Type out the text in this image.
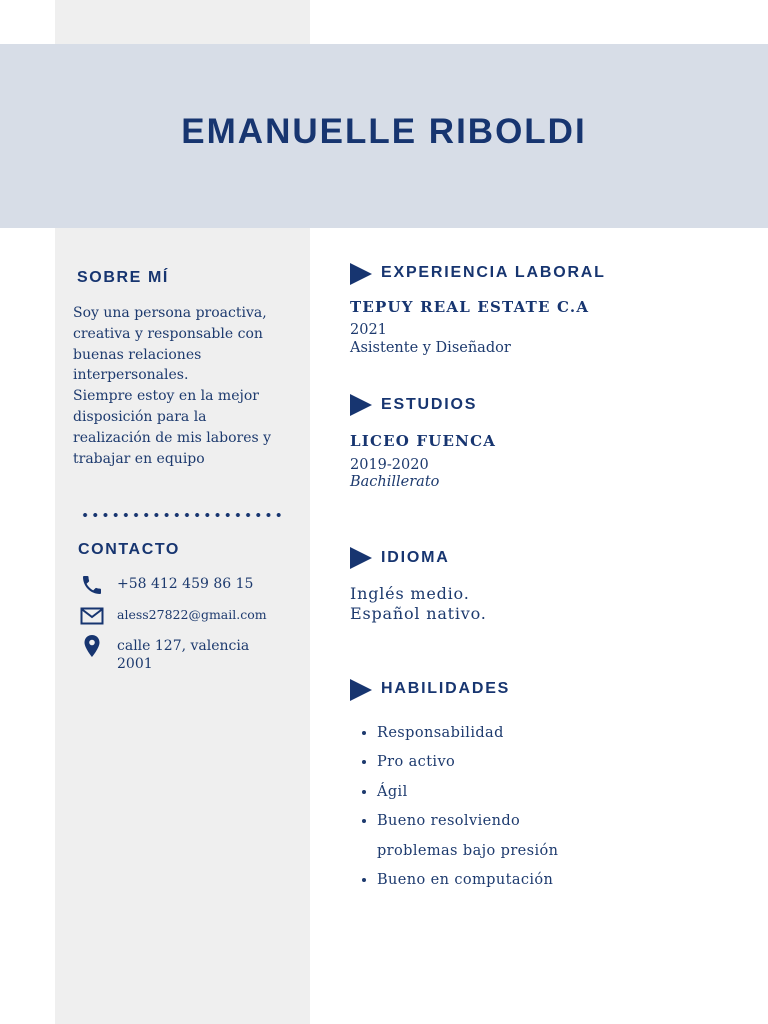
EMANUELLE RIBOLDI
SOBRE MÍ
Soy una persona proactiva,
creativa y responsable con
buenas relaciones
interpersonales.
Siempre estoy en la mejor
disposición para la
realización de mis labores y
trabajar en equipo
CONTACTO
+58 412 459 86 15
aless27822@gmail.com
calle 127, valencia
2001
EXPERIENCIA LABORAL
TEPUY REAL ESTATE C.A
2021
Asistente y Diseñador
ESTUDIOS
LICEO FUENCA
2019-2020
Bachillerato
IDIOMA
Inglés medio.
Español nativo.
HABILIDADES
• Responsabilidad
• Pro activo
• Ágil
• Bueno resolviendo problemas bajo presión
• Bueno en computación
